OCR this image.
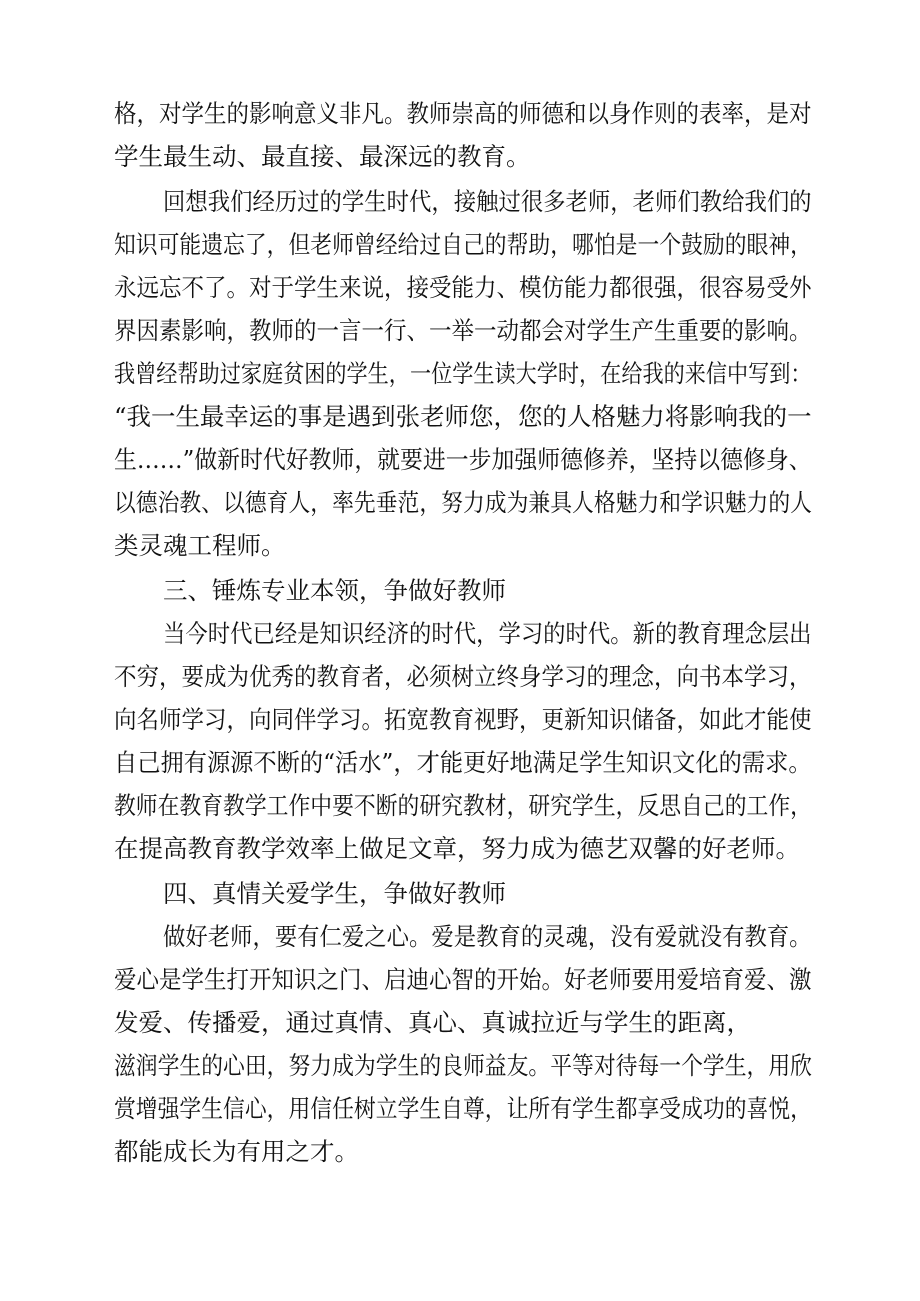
格，对学生的影响意义非凡。教师崇高的师德和以身作则的表率，是对

学生最生动、最直接、最深远的教育。

回想我们经历过的学生时代，接触过很多老师，老师们教给我们的

知识可能遗忘了，但老师曾经给过自己的帮助，哪怕是一个鼓励的眼神，

永远忘不了。对于学生来说，接受能力、模仿能力都很强，很容易受外

界因素影响，教师的一言一行、一举一动都会对学生产生重要的影响。

我曾经帮助过家庭贫困的学生，一位学生读大学时，在给我的来信中写到：

“我一生最幸运的事是遇到张老师您，您的人格魅力将影响我的一

生……”做新时代好教师，就要进一步加强师德修养，坚持以德修身、

以德治教、以德育人，率先垂范，努力成为兼具人格魅力和学识魅力的人

类灵魂工程师。

三、锤炼专业本领，争做好教师

当今时代已经是知识经济的时代，学习的时代。新的教育理念层出

不穷，要成为优秀的教育者，必须树立终身学习的理念，向书本学习，

向名师学习，向同伴学习。拓宽教育视野，更新知识储备，如此才能使

自己拥有源源不断的“活水”，才能更好地满足学生知识文化的需求。

教师在教育教学工作中要不断的研究教材，研究学生，反思自己的工作，

在提高教育教学效率上做足文章，努力成为德艺双馨的好老师。

四、真情关爱学生，争做好教师

做好老师，要有仁爱之心。爱是教育的灵魂，没有爱就没有教育。

爱心是学生打开知识之门、启迪心智的开始。好老师要用爱培育爱、激

发爱、传播爱，通过真情、真心、真诚拉近与学生的距离，

滋润学生的心田，努力成为学生的良师益友。平等对待每一个学生，用欣

赏增强学生信心，用信任树立学生自尊，让所有学生都享受成功的喜悦，

都能成长为有用之才。
